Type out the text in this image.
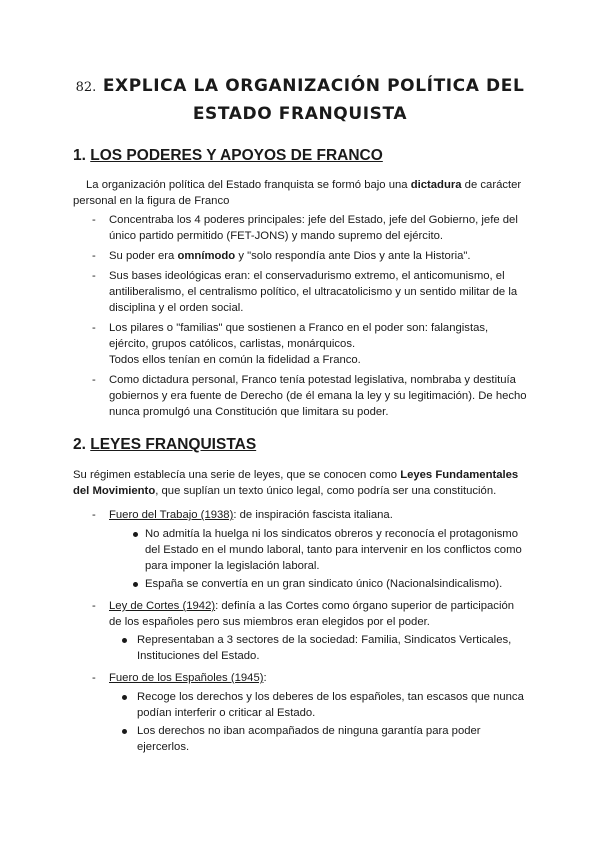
82. EXPLICA LA ORGANIZACIÓN POLÍTICA DEL
ESTADO FRANQUISTA
1. LOS PODERES Y APOYOS DE FRANCO
La organización política del Estado franquista se formó bajo una dictadura de carácter
personal en la figura de Franco
- Concentraba los 4 poderes principales: jefe del Estado, jefe del Gobierno, jefe del
único partido permitido (FET-JONS) y mando supremo del ejército.
- Su poder era omnímodo y "solo respondía ante Dios y ante la Historia".
- Sus bases ideológicas eran: el conservadurismo extremo, el anticomunismo, el
antiliberalismo, el centralismo político, el ultracatolicismo y un sentido militar de la
disciplina y el orden social.
- Los pilares o "familias" que sostienen a Franco en el poder son: falangistas,
ejército, grupos católicos, carlistas, monárquicos.
Todos ellos tenían en común la fidelidad a Franco.
- Como dictadura personal, Franco tenía potestad legislativa, nombraba y destituía
gobiernos y era fuente de Derecho (de él emana la ley y su legitimación). De hecho
nunca promulgó una Constitución que limitara su poder.
2. LEYES FRANQUISTAS
Su régimen establecía una serie de leyes, que se conocen como Leyes Fundamentales
del Movimiento, que suplían un texto único legal, como podría ser una constitución.
- Fuero del Trabajo (1938): de inspiración fascista italiana.
No admitía la huelga ni los sindicatos obreros y reconocía el protagonismo
del Estado en el mundo laboral, tanto para intervenir en los conflictos como
para imponer la legislación laboral.
España se convertía en un gran sindicato único (Nacionalsindicalismo).
- Ley de Cortes (1942): definía a las Cortes como órgano superior de participación
de los españoles pero sus miembros eran elegidos por el poder.
Representaban a 3 sectores de la sociedad: Familia, Sindicatos Verticales,
Instituciones del Estado.
- Fuero de los Españoles (1945):
Recoge los derechos y los deberes de los españoles, tan escasos que nunca
podían interferir o criticar al Estado.
Los derechos no iban acompañados de ninguna garantía para poder
ejercerlos.
